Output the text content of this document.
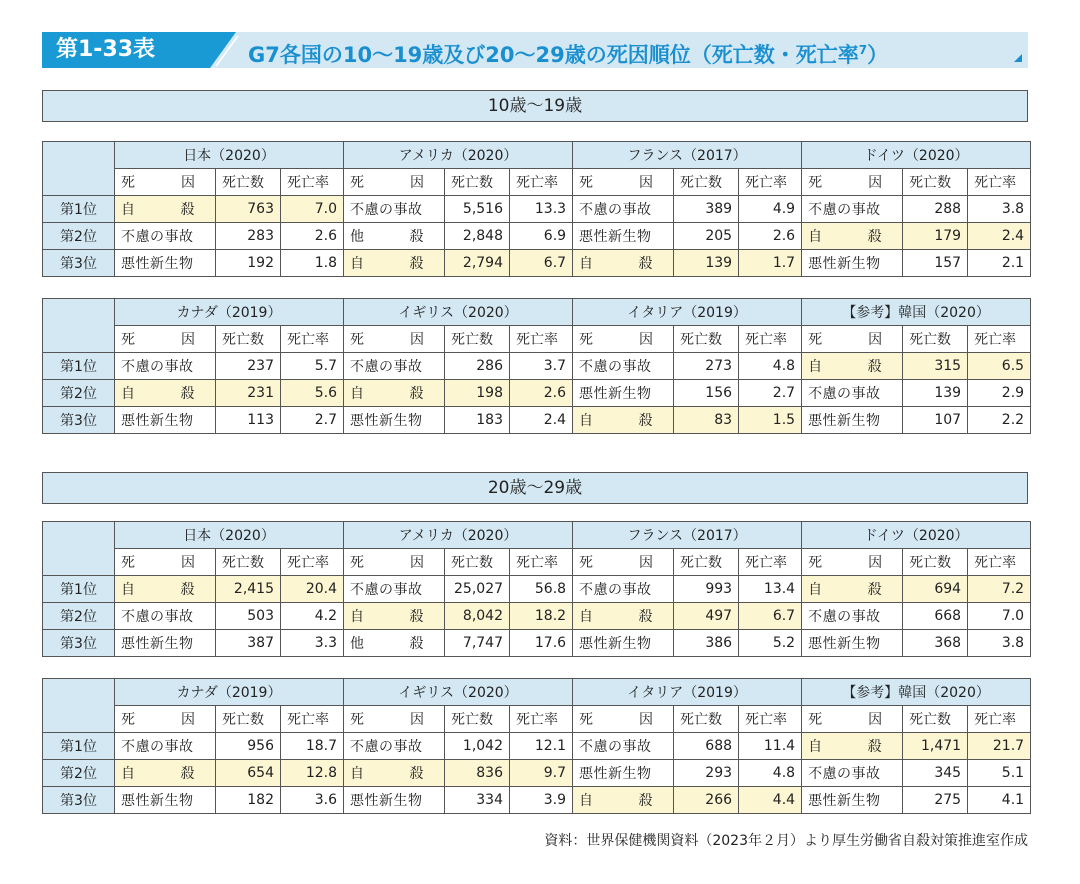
第1-33表	G7各国の10～19歳及び20～29歳の死因順位（死亡数・死亡率$^7$）
10歳～19歳
20歳～29歳
	日本（2020）			アメリカ（2020）			フランス（2017）			ドイツ（2020）		

	死 因	死亡数	死亡率	死 因	死亡数	死亡率	死 因	死亡数	死亡率	死 因	死亡数	死亡率
第1位	自 殺	763	7.0	不慮の事故	5,516	13.3	不慮の事故	389	4.9	不慮の事故	288	3.8
第2位	不慮の事故	283	2.6	他 殺	2,848	6.9	悪性新生物	205	2.6	自 殺	179	2.4
第3位	悪性新生物	192	1.8	自 殺	2,794	6.7	自 殺	139	1.7	悪性新生物	157	2.1
	カナダ（2019）			イギリス（2020）			イタリア（2019）			【参考】韓国（2020）		

	死 因	死亡数	死亡率	死 因	死亡数	死亡率	死 因	死亡数	死亡率	死 因	死亡数	死亡率
第1位	不慮の事故	237	5.7	不慮の事故	286	3.7	不慮の事故	273	4.8	自 殺	315	6.5
第2位	自 殺	231	5.6	自 殺	198	2.6	悪性新生物	156	2.7	不慮の事故	139	2.9
第3位	悪性新生物	113	2.7	悪性新生物	183	2.4	自 殺	83	1.5	悪性新生物	107	2.2
	日本（2020）			アメリカ（2020）			フランス（2017）			ドイツ（2020）		

	死 因	死亡数	死亡率	死 因	死亡数	死亡率	死 因	死亡数	死亡率	死 因	死亡数	死亡率
第1位	自 殺	2,415	20.4	不慮の事故	25,027	56.8	不慮の事故	993	13.4	自 殺	694	7.2
第2位	不慮の事故	503	4.2	自 殺	8,042	18.2	自 殺	497	6.7	不慮の事故	668	7.0
第3位	悪性新生物	387	3.3	他 殺	7,747	17.6	悪性新生物	386	5.2	悪性新生物	368	3.8
	カナダ（2019）			イギリス（2020）			イタリア（2019）			【参考】韓国（2020）		

	死 因	死亡数	死亡率	死 因	死亡数	死亡率	死 因	死亡数	死亡率	死 因	死亡数	死亡率
第1位	不慮の事故	956	18.7	不慮の事故	1,042	12.1	不慮の事故	688	11.4	自 殺	1,471	21.7
第2位	自 殺	654	12.8	自 殺	836	9.7	悪性新生物	293	4.8	不慮の事故	345	5.1
第3位	悪性新生物	182	3.6	悪性新生物	334	3.9	自 殺	266	4.4	悪性新生物	275	4.1
資料：世界保健機関資料（2023年２月）より厚生労働省自殺対策推進室作成
